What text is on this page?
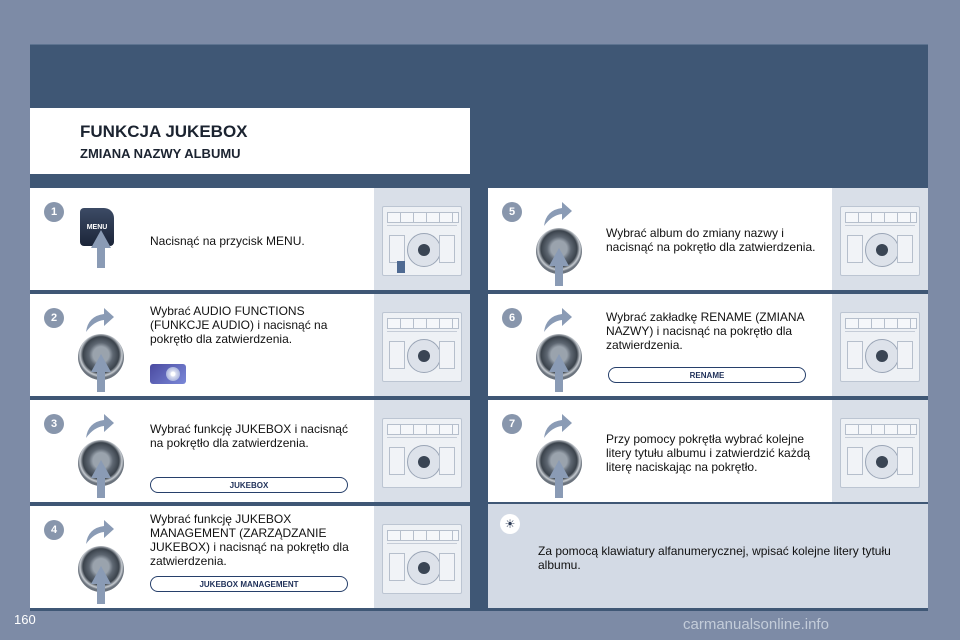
FUNKCJA JUKEBOX
ZMIANA NAZWY ALBUMU
1
MENU
Nacisnąć na przycisk MENU.
2	Wybrać AUDIO FUNCTIONS (FUNKCJE AUDIO) i nacisnąć na pokrętło dla zatwierdzenia.
3	Wybrać funkcję JUKEBOX i nacisnąć na pokrętło dla zatwierdzenia.
JUKEBOX
4
Wybrać funkcję JUKEBOX MANAGEMENT (ZARZĄDZANIE JUKEBOX) i nacisnąć na pokrętło dla zatwierdzenia.
JUKEBOX MANAGEMENT
5
Wybrać album do zmiany nazwy i nacisnąć na pokrętło dla zatwierdzenia.
6	Wybrać zakładkę RENAME (ZMIANA NAZWY) i nacisnąć na pokrętło dla zatwierdzenia.
RENAME
7
Przy pomocy pokrętła wybrać kolejne litery tytułu albumu i zatwierdzić każdą literę naciskając na pokrętło.
☀
Za pomocą klawiatury alfanumerycznej, wpisać kolejne litery tytułu albumu.
160	carmanualsonline.info
